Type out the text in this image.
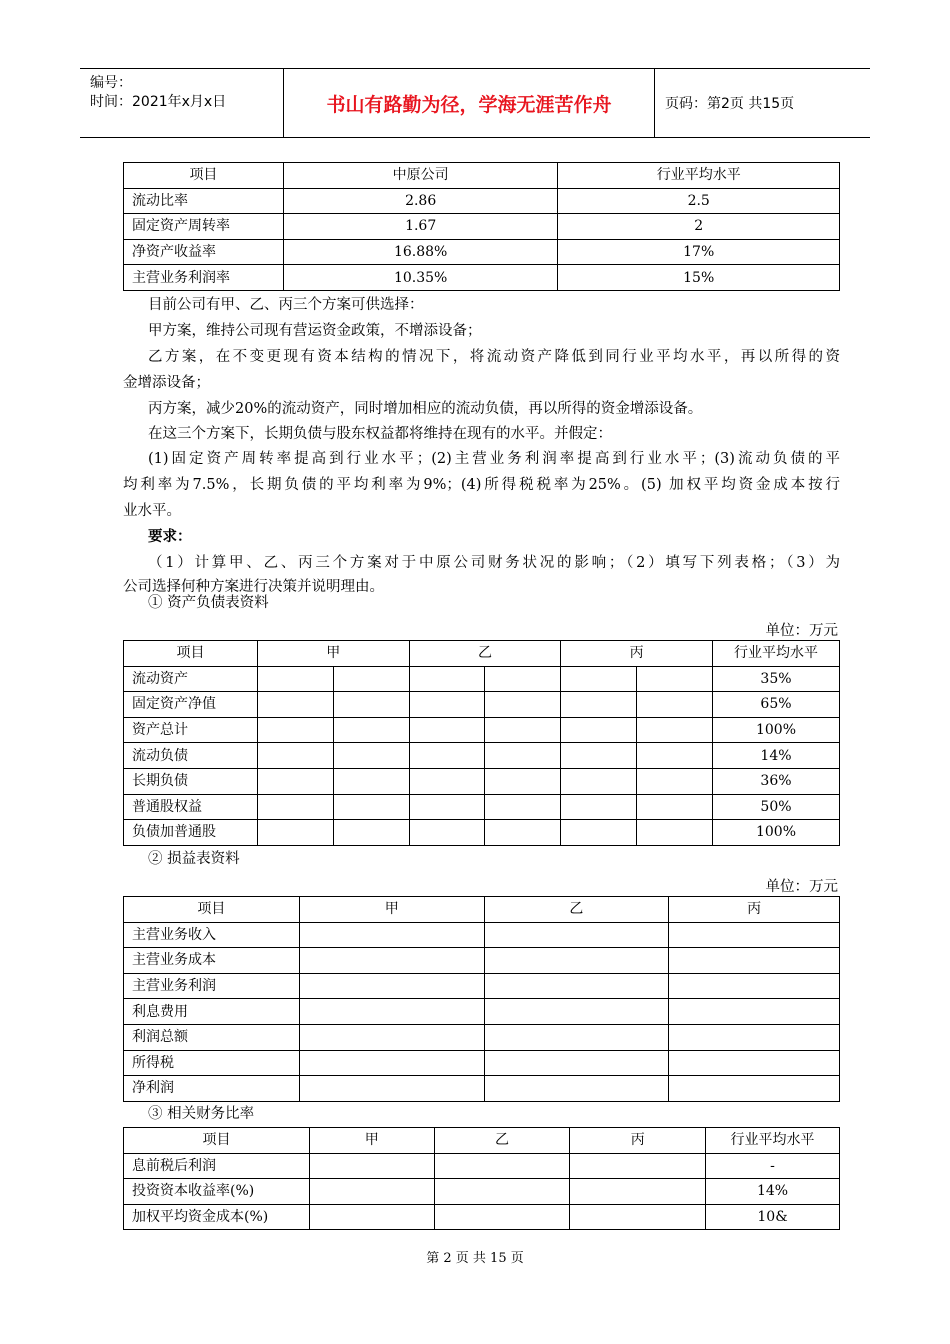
编号：
时间：2021年x月x日	书山有路勤为径，学海无涯苦作舟	页码：第2页 共15页
项目	中原公司	行业平均水平
流动比率	2.86	2.5
固定资产周转率	1.67	2
净资产收益率	16.88%	17%
主营业务利润率	10.35%	15%
目前公司有甲、乙、丙三个方案可供选择：
甲方案，维持公司现有营运资金政策，不增添设备；
乙方案，在不变更现有资本结构的情况下，将流动资产降低到同行业平均水平，再以所得的资
金增添设备；
丙方案，减少20%的流动资产，同时增加相应的流动负债，再以所得的资金增添设备。
在这三个方案下，长期负债与股东权益都将维持在现有的水平。并假定：
(1)固定资产周转率提高到行业水平；(2)主营业务利润率提高到行业水平；(3)流动负债的平
均利率为7.5%，长期负债的平均利率为9%；(4)所得税税率为25%。(5) 加权平均资金成本按行
业水平。
要求：
（1）计算甲、乙、丙三个方案对于中原公司财务状况的影响；（2）填写下列表格；（3）为
公司选择何种方案进行决策并说明理由。
① 资产负债表资料
单位：万元
项目	甲		乙		丙		行业平均水平
流动资产							35%
固定资产净值							65%
资产总计							100%
流动负债							14%
长期负债							36%
普通股权益							50%
负债加普通股							100%
② 损益表资料
单位：万元
项目	甲	乙	丙
主营业务收入			
主营业务成本			
主营业务利润			
利息费用			
利润总额			
所得税			
净利润			
③ 相关财务比率
项目	甲	乙	丙	行业平均水平
息前税后利润				-
投资资本收益率(%)				14%
加权平均资金成本(%)				10&
第 2 页 共 15 页
